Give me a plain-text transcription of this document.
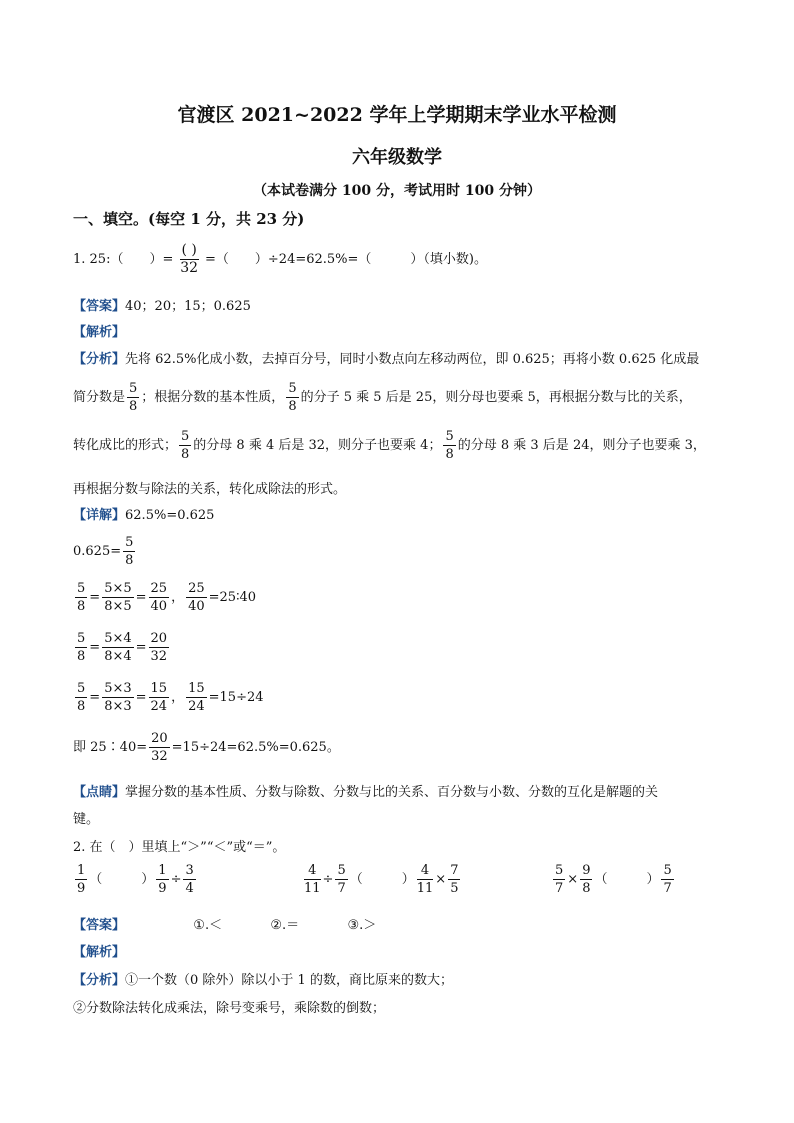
官渡区 2021~2022 学年上学期期末学业水平检测
六年级数学
（本试卷满分 100 分，考试用时 100 分钟）
一、填空。(每空 1 分，共 23 分)
1. 25:（　　）= $\frac{( )}{32}$ =（　　）÷24=62.5%=（　　　）（填小数)。
【答案】40；20；15；0.625
【解析】
【分析】先将 62.5%化成小数，去掉百分号，同时小数点向左移动两位，即 0.625；再将小数 0.625 化成最
简分数是 $\frac{5}{8}$ ；根据分数的基本性质， $\frac{5}{8}$ 的分子 5 乘 5 后是 25，则分母也要乘 5，再根据分数与比的关系，
转化成比的形式； $\frac{5}{8}$ 的分母 8 乘 4 后是 32，则分子也要乘 4； $\frac{5}{8}$ 的分母 8 乘 3 后是 24，则分子也要乘 3，
再根据分数与除法的关系，转化成除法的形式。
【详解】62.5%=0.625
$0.625= \frac{5}{8}$
$\frac{5}{8} = \frac{5\times 5}{8\times 5} = \frac{25}{40}$ ， $\frac{25}{40}$ =25∶40
$\frac{5}{8} = \frac{5\times 4}{8\times 4} = \frac{20}{32}$
$\frac{5}{8} = \frac{5\times 3}{8\times 3} = \frac{15}{24}$ ， $\frac{15}{24} =15\div 24$
即 25∶40= $\frac{20}{32} =15\div 24=62.5\%=0.625$。
【点睛】掌握分数的基本性质、分数与除数、分数与比的关系、百分数与小数、分数的互化是解题的关
键。
2. 在（　）里填上“＞”“＜”或“＝”。
$\frac{1}{9}$ （　　　） $\frac{1}{9} \div \frac{3}{4}$	$\frac{4}{11} \div \frac{5}{7}$ （　　　） $\frac{4}{11} \times \frac{7}{5}$	$\frac{5}{7} \times \frac{9}{8}$ （　　　） $\frac{5}{7}$
【答案】	①.＜	②.＝	③.＞
【解析】
【分析】①一个数（0 除外）除以小于 1 的数，商比原来的数大；
②分数除法转化成乘法，除号变乘号，乘除数的倒数；
